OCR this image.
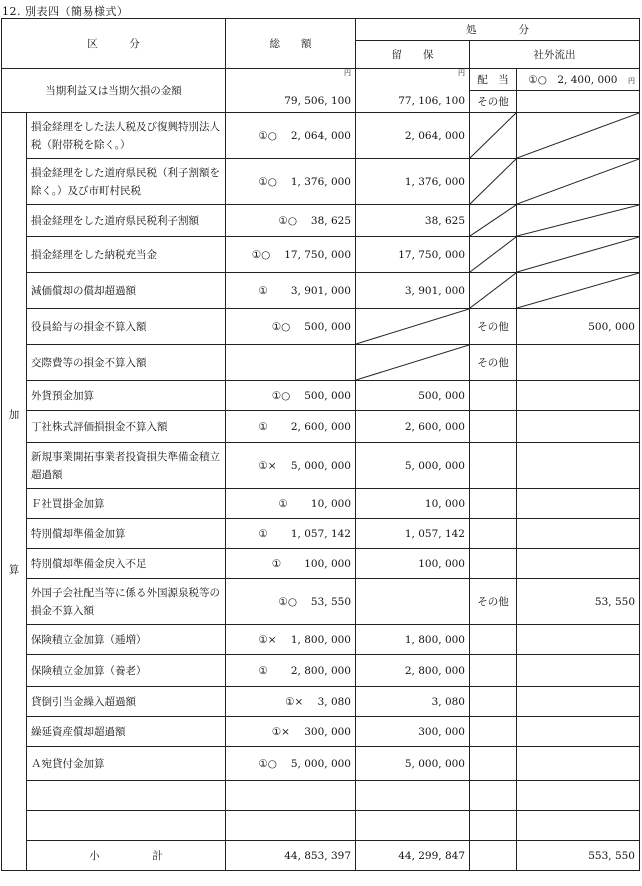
12. 別表四（簡易様式）
区　　　分		総　　額	処　　　　分		
			留　　保	社外流出	
当期利益又は当期欠損の金額		円	円	配　当	①○　 2, 400, 000　 円
		79, 506, 100	77, 106, 100	その他	

加
算	損金経理をした法人税及び復興特別法人税（附帯税を除く。）	①○　 2, 064, 000	2, 064, 000	

	損金経理をした道府県民税（利子割額を除く。）及び市町村民税	①○　 1, 376, 000	1, 376, 000	

	損金経理をした道府県民税利子割額	①○　 38, 625	38, 625	

	損金経理をした納税充当金	①○　 17, 750, 000	17, 750, 000	

	減価償却の償却超過額	①　 3, 901, 000	3, 901, 000	

	役員給与の損金不算入額	①○　 500, 000		その他	500, 000
	交際費等の損金不算入額	　		その他	
	外貨預金加算	①○　 500, 000	500, 000		
	丁社株式評価損損金不算入額	①　 2, 600, 000	2, 600, 000		
	新規事業開拓事業者投資損失準備金積立超過額	①×　 5, 000, 000	5, 000, 000		
	Ｆ社買掛金加算	①　 10, 000	10, 000		
	特別償却準備金加算	①　 1, 057, 142	1, 057, 142		
	特別償却準備金戻入不足	①　 100, 000	100, 000		
	外国子会社配当等に係る外国源泉税等の損金不算入額	①○　 53, 550		その他	53, 550
	保険積立金加算（逓増）	①×　 1, 800, 000	1, 800, 000		
	保険積立金加算（養老）	①　 2, 800, 000	2, 800, 000		
	貸倒引当金繰入超過額	①×　 3, 080	3, 080		
	繰延資産償却超過額	①×　 300, 000	300, 000		
	Ａ宛貸付金加算	①○　 5, 000, 000	5, 000, 000		

	小　　　　　計	44, 853, 397	44, 299, 847		553, 550
